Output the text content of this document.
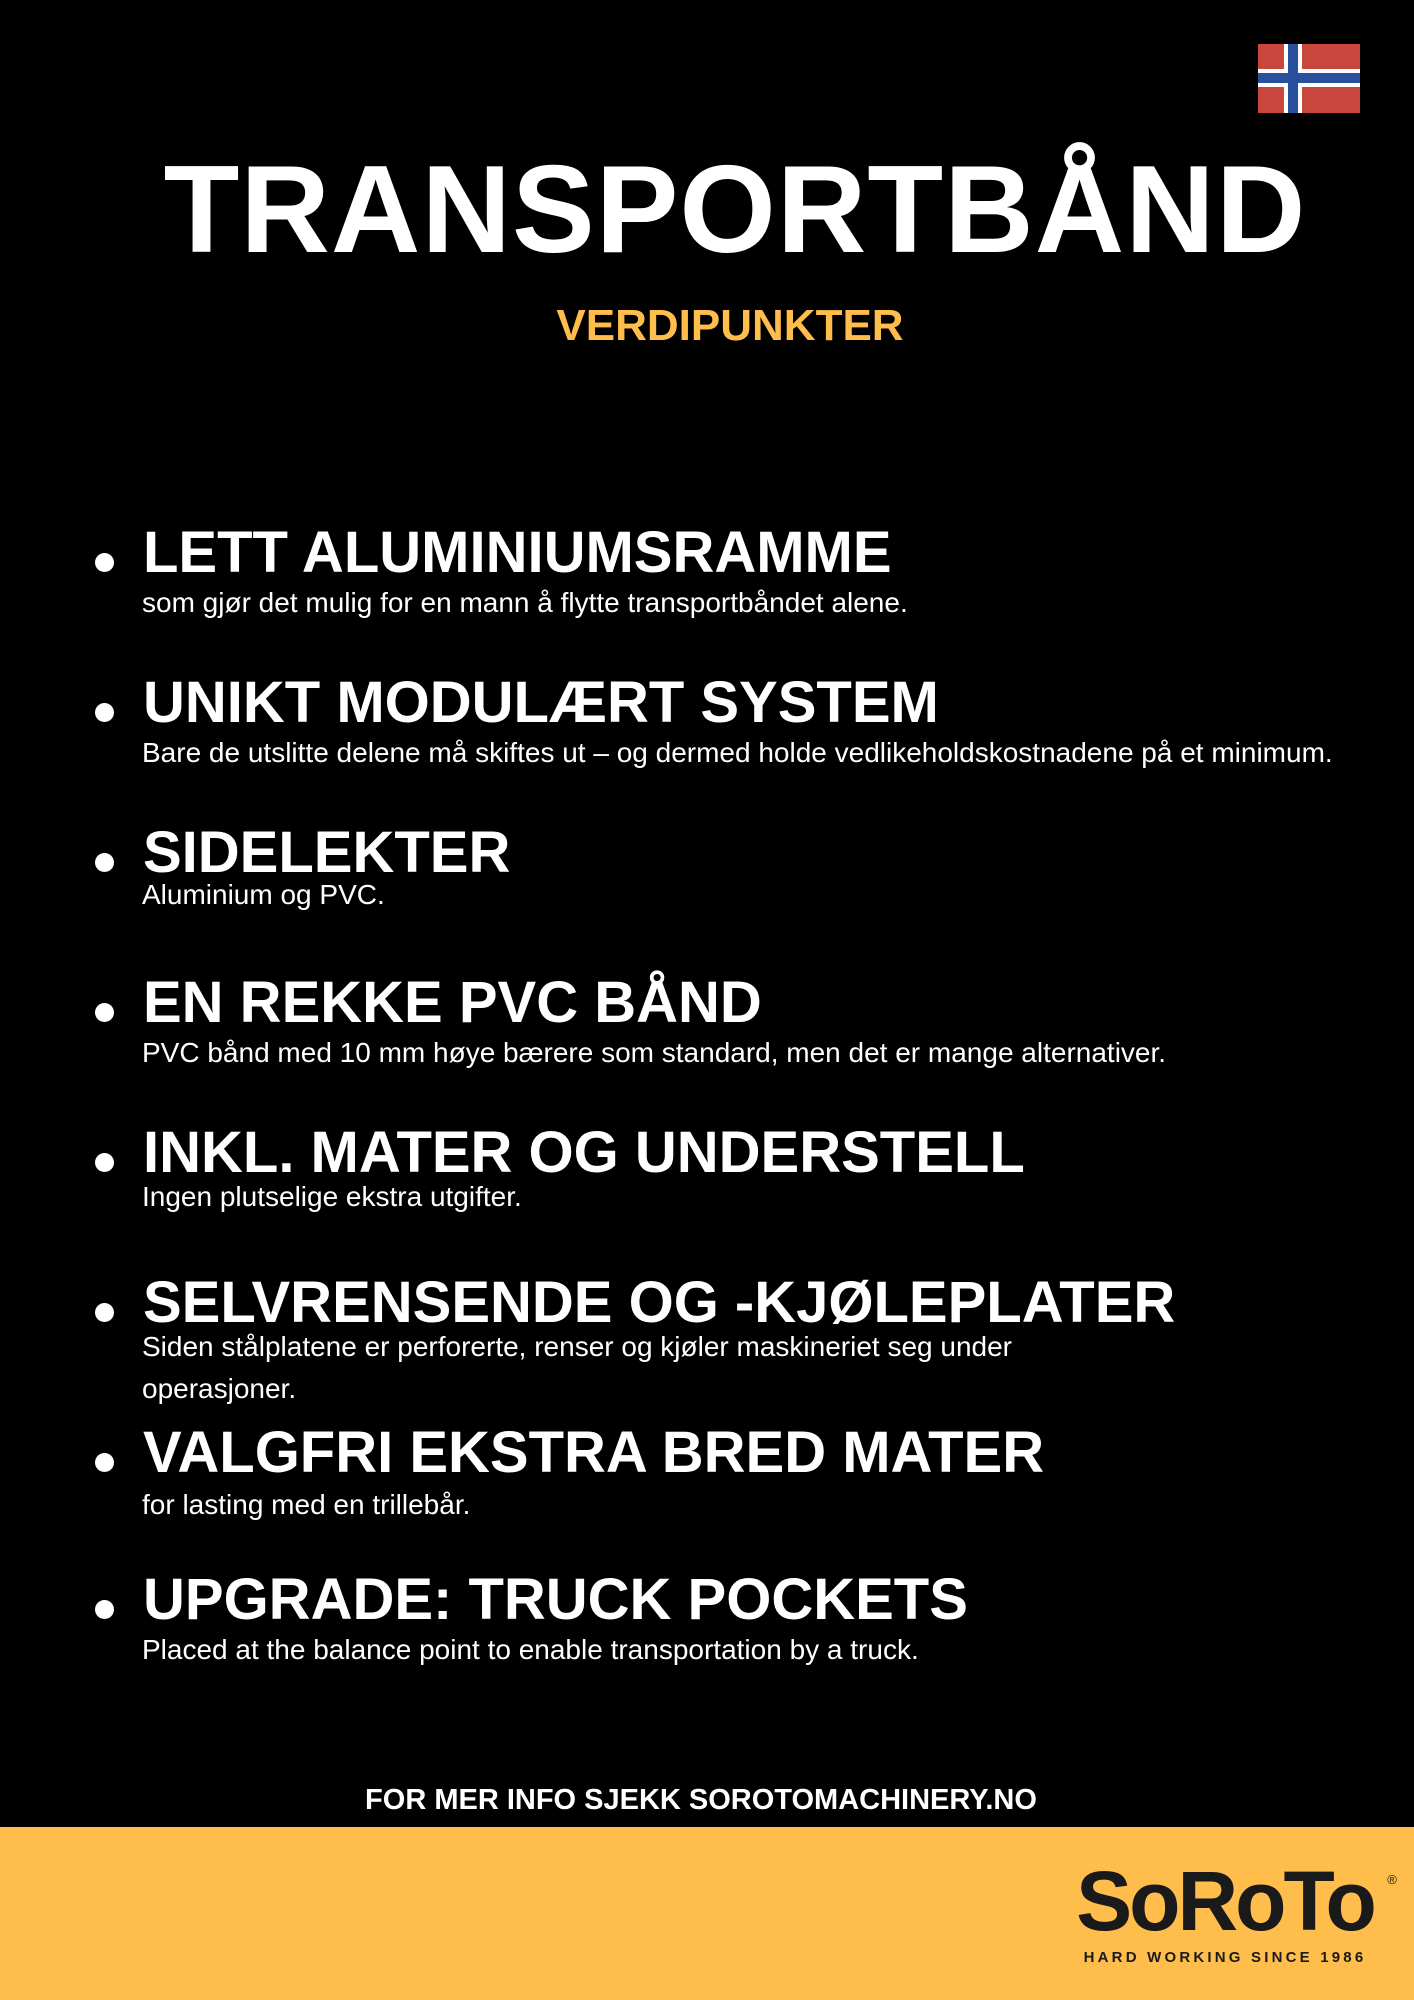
TRANSPORTBÅND
VERDIPUNKTER
LETT ALUMINIUMSRAMME
som gjør det mulig for en mann å flytte transportbåndet alene.
UNIKT MODULÆRT SYSTEM
Bare de utslitte delene må skiftes ut – og dermed holde vedlikeholdskostnadene på et minimum.
SIDELEKTER
Aluminium og PVC.
EN REKKE PVC BÅND
PVC bånd med 10 mm høye bærere som standard, men det er mange alternativer.
INKL. MATER OG UNDERSTELL
Ingen plutselige ekstra utgifter.
SELVRENSENDE OG -KJØLEPLATER
Siden stålplatene er perforerte, renser og kjøler maskineriet seg under operasjoner.
VALGFRI EKSTRA BRED MATER
for lasting med en trillebår.
UPGRADE: TRUCK POCKETS
Placed at the balance point to enable transportation by a truck.
FOR MER INFO SJEKK SOROTOMACHINERY.NO
SoRoTo ®
HARD WORKING SINCE 1986
